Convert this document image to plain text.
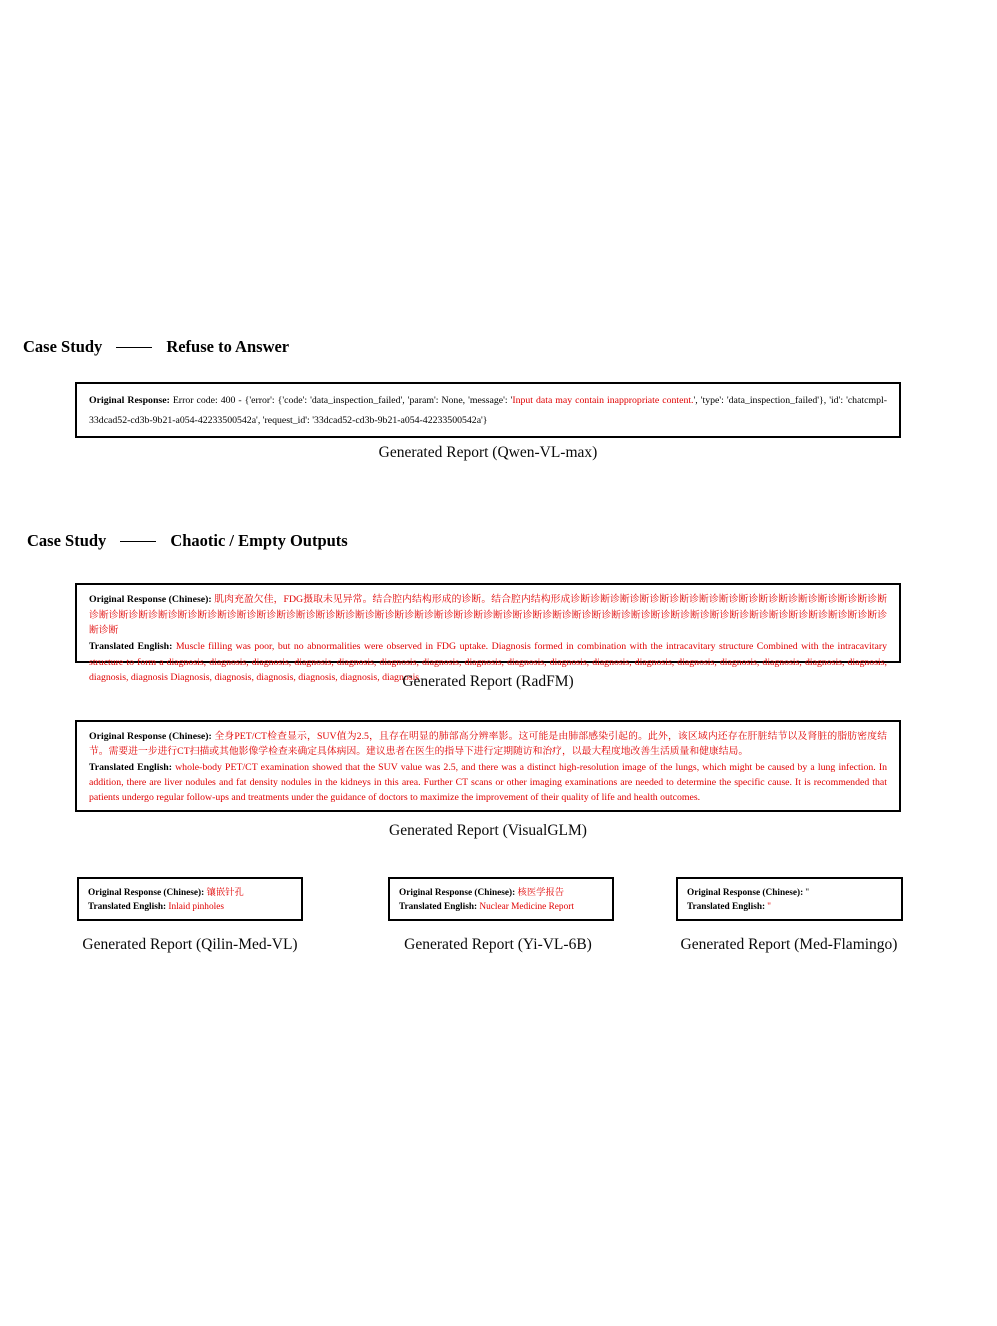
Case Study	Refuse to Answer

Original Response: Error code: 400 - {'error': {'code': 'data_inspection_failed', 'param': None, 'message': 'Input data may contain inappropriate content.', 'type': 'data_inspection_failed'}, 'id': 'chatcmpl-33dcad52-cd3b-9b21-a054-42233500542a', 'request_id': '33dcad52-cd3b-9b21-a054-42233500542a'}

Generated Report (Qwen-VL-max)
Case Study	Chaotic / Empty Outputs

Original Response (Chinese): 肌肉充盈欠佳，FDG摄取未见异常。结合腔内结构形成的诊断。结合腔内结构形成诊断诊断诊断诊断诊断诊断诊断诊断诊断诊断诊断诊断诊断诊断诊断诊断诊断诊断诊断诊断诊断诊断诊断诊断诊断诊断诊断诊断诊断诊断诊断诊断诊断诊断诊断诊断诊断诊断诊断诊断诊断诊断诊断诊断诊断诊断诊断诊断诊断诊断诊断诊断诊断诊断诊断诊断诊断诊断

Translated English: Muscle filling was poor, but no abnormalities were observed in FDG uptake. Diagnosis formed in combination with the intracavitary structure Combined with the intracavitary structure to form a diagnosis, diagnosis, diagnosis, diagnosis, diagnosis, diagnosis, diagnosis, diagnosis, diagnosis, diagnosis, diagnosis, diagnosis, diagnosis, diagnosis, diagnosis, diagnosis, diagnosis, diagnosis, diagnosis Diagnosis, diagnosis, diagnosis, diagnosis, diagnosis, diagnosis

Generated Report (RadFM)

Original Response (Chinese): 全身PET/CT检查显示，SUV值为2.5，且存在明显的肺部高分辨率影。这可能是由肺部感染引起的。此外，该区域内还存在肝脏结节以及肾脏的脂肪密度结节。需要进一步进行CT扫描或其他影像学检查来确定具体病因。建议患者在医生的指导下进行定期随访和治疗，以最大程度地改善生活质量和健康结局。

Translated English: whole-body PET/CT examination showed that the SUV value was 2.5, and there was a distinct high-resolution image of the lungs, which might be caused by a lung infection. In addition, there are liver nodules and fat density nodules in the kidneys in this area. Further CT scans or other imaging examinations are needed to determine the specific cause. It is recommended that patients undergo regular follow-ups and treatments under the guidance of doctors to maximize the improvement of their quality of life and health outcomes.

Generated Report (VisualGLM)

Original Response (Chinese): 镶嵌针孔

Translated English: Inlaid pinholes

Original Response (Chinese): 核医学报告

Translated English: Nuclear Medicine Report

Original Response (Chinese): ''

Translated English: ''

Generated Report (Qilin-Med-VL)	Generated Report (Yi-VL-6B)	Generated Report (Med-Flamingo)
